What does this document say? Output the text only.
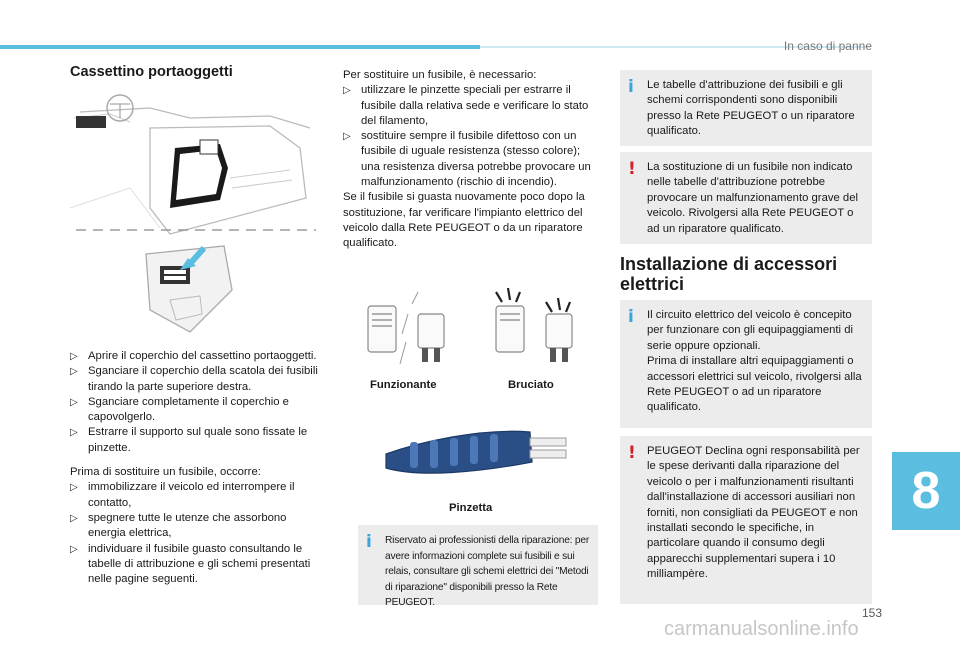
In caso di panne
Cassettino portaoggetti
▷ Aprire il coperchio del cassettino portaoggetti.
▷ Sganciare il coperchio della scatola dei fusibili tirando la parte superiore destra.
▷ Sganciare completamente il coperchio e capovolgerlo.
▷ Estrarre il supporto sul quale sono fissate le pinzette.

Prima di sostituire un fusibile, occorre:

▷ immobilizzare il veicolo ed interrompere il contatto,
▷ spegnere tutte le utenze che assorbono energia elettrica,
▷ individuare il fusibile guasto consultando le tabelle di attribuzione e gli schemi presentati nelle pagine seguenti.

Per sostituire un fusibile, è necessario:

▷ utilizzare le pinzette speciali per estrarre il fusibile dalla relativa sede e verificare lo stato del filamento,
▷ sostituire sempre il fusibile difettoso con un fusibile di uguale resistenza (stesso colore); una resistenza diversa potrebbe provocare un malfunzionamento (rischio di incendio).

Se il fusibile si guasta nuovamente poco dopo la sostituzione, far verificare l'impianto elettrico del veicolo dalla Rete PEUGEOT o da un riparatore qualificato.

Funzionante	Bruciato
Pinzetta
i Riservato ai professionisti della riparazione: per avere informazioni complete sui fusibili e sui relais, consultare gli schemi elettrici dei "Metodi di riparazione" disponibili presso la Rete PEUGEOT.
i Le tabelle d'attribuzione dei fusibili e gli schemi corrispondenti sono disponibili presso la Rete PEUGEOT o un riparatore qualificato.
! La sostituzione di un fusibile non indicato nelle tabelle d'attribuzione potrebbe provocare un malfunzionamento grave del veicolo. Rivolgersi alla Rete PEUGEOT o ad un riparatore qualificato.
Installazione di accessori elettrici
i Il circuito elettrico del veicolo è concepito per funzionare con gli equipaggiamenti di serie oppure opzionali.
Prima di installare altri equipaggiamenti o accessori elettrici sul veicolo, rivolgersi alla Rete PEUGEOT o ad un riparatore qualificato.
! PEUGEOT Declina ogni responsabilità per le spese derivanti dalla riparazione del veicolo o per i malfunzionamenti risultanti dall'installazione di accessori ausiliari non forniti, non consigliati da PEUGEOT e non installati secondo le specifiche, in particolare quando il consumo degli apparecchi supplementari supera i 10 milliampère.
8
153
carmanualsonline.info
